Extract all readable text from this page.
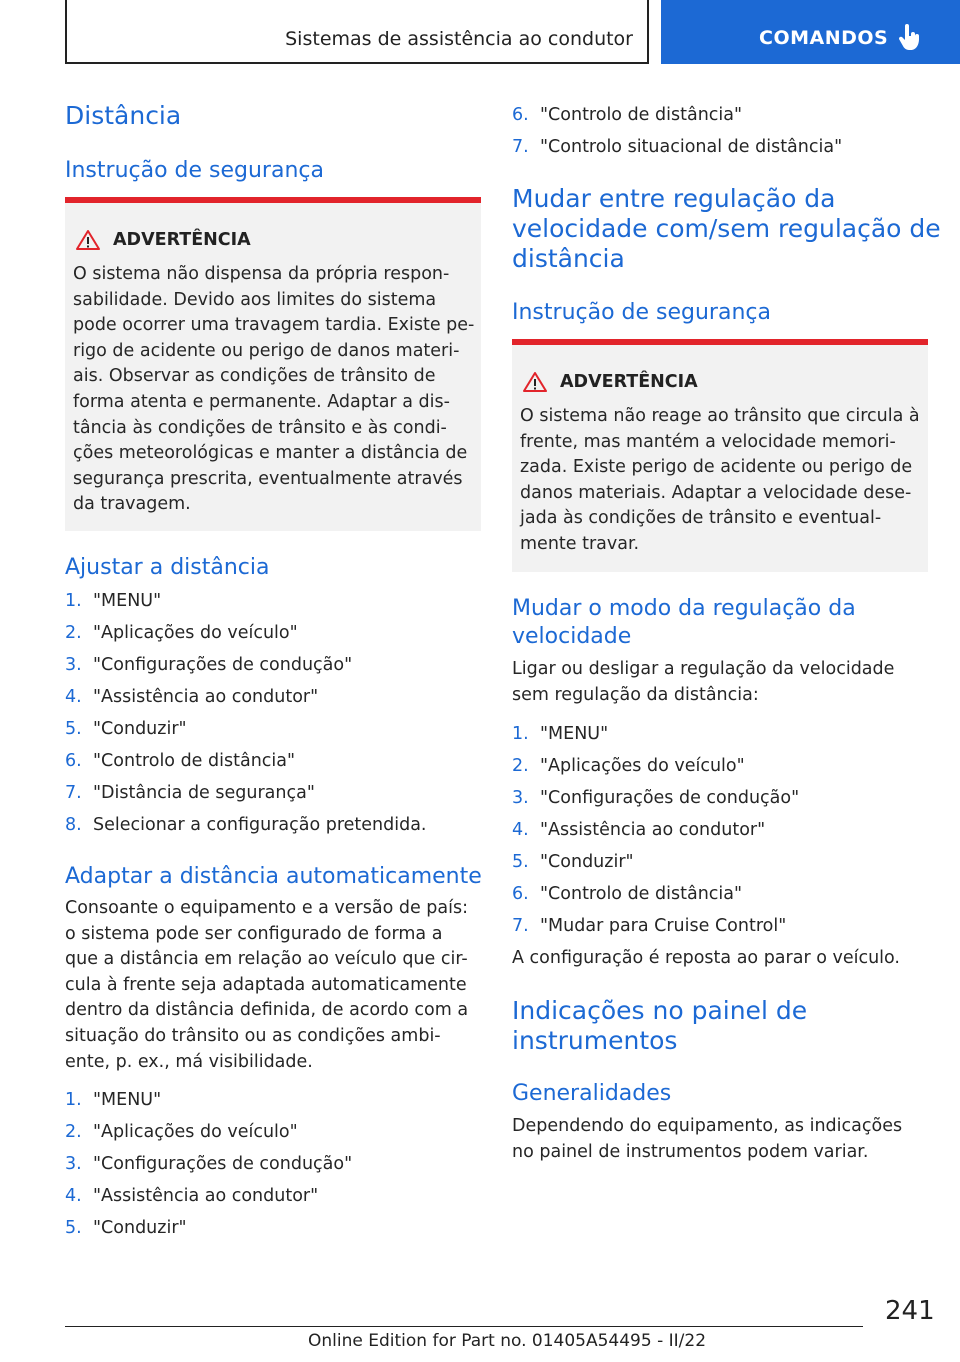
Sistemas de assistência ao condutor	COMANDOS
Distância
Instrução de segurança
ADVERTÊNCIA
O sistema não dispensa da própria respon-
sabilidade. Devido aos limites do sistema
pode ocorrer uma travagem tardia. Existe pe-
rigo de acidente ou perigo de danos materi-
ais. Observar as condições de trânsito de
forma atenta e permanente. Adaptar a dis-
tância às condições de trânsito e às condi-
ções meteorológicas e manter a distância de
segurança prescrita, eventualmente através
da travagem.
Ajustar a distância
1. "MENU"
2. "Aplicações do veículo"
3. "Configurações de condução"
4. "Assistência ao condutor"
5. "Conduzir"
6. "Controlo de distância"
7. "Distância de segurança"
8. Selecionar a configuração pretendida.
Adaptar a distância automaticamente
Consoante o equipamento e a versão de país:
o sistema pode ser configurado de forma a
que a distância em relação ao veículo que cir-
cula à frente seja adaptada automaticamente
dentro da distância definida, de acordo com a
situação do trânsito ou as condições ambi-
ente, p. ex., má visibilidade.
1. "MENU"
2. "Aplicações do veículo"
3. "Configurações de condução"
4. "Assistência ao condutor"
5. "Conduzir"
6. "Controlo de distância"
7. "Controlo situacional de distância"
Mudar entre regulação da
velocidade com/sem regulação de
distância
Instrução de segurança
ADVERTÊNCIA
O sistema não reage ao trânsito que circula à
frente, mas mantém a velocidade memori-
zada. Existe perigo de acidente ou perigo de
danos materiais. Adaptar a velocidade dese-
jada às condições de trânsito e eventual-
mente travar.
Mudar o modo da regulação da
velocidade
Ligar ou desligar a regulação da velocidade
sem regulação da distância:
1. "MENU"
2. "Aplicações do veículo"
3. "Configurações de condução"
4. "Assistência ao condutor"
5. "Conduzir"
6. "Controlo de distância"
7. "Mudar para Cruise Control"
A configuração é reposta ao parar o veículo.
Indicações no painel de
instrumentos
Generalidades
Dependendo do equipamento, as indicações
no painel de instrumentos podem variar.
241
Online Edition for Part no. 01405A54495 - II/22
